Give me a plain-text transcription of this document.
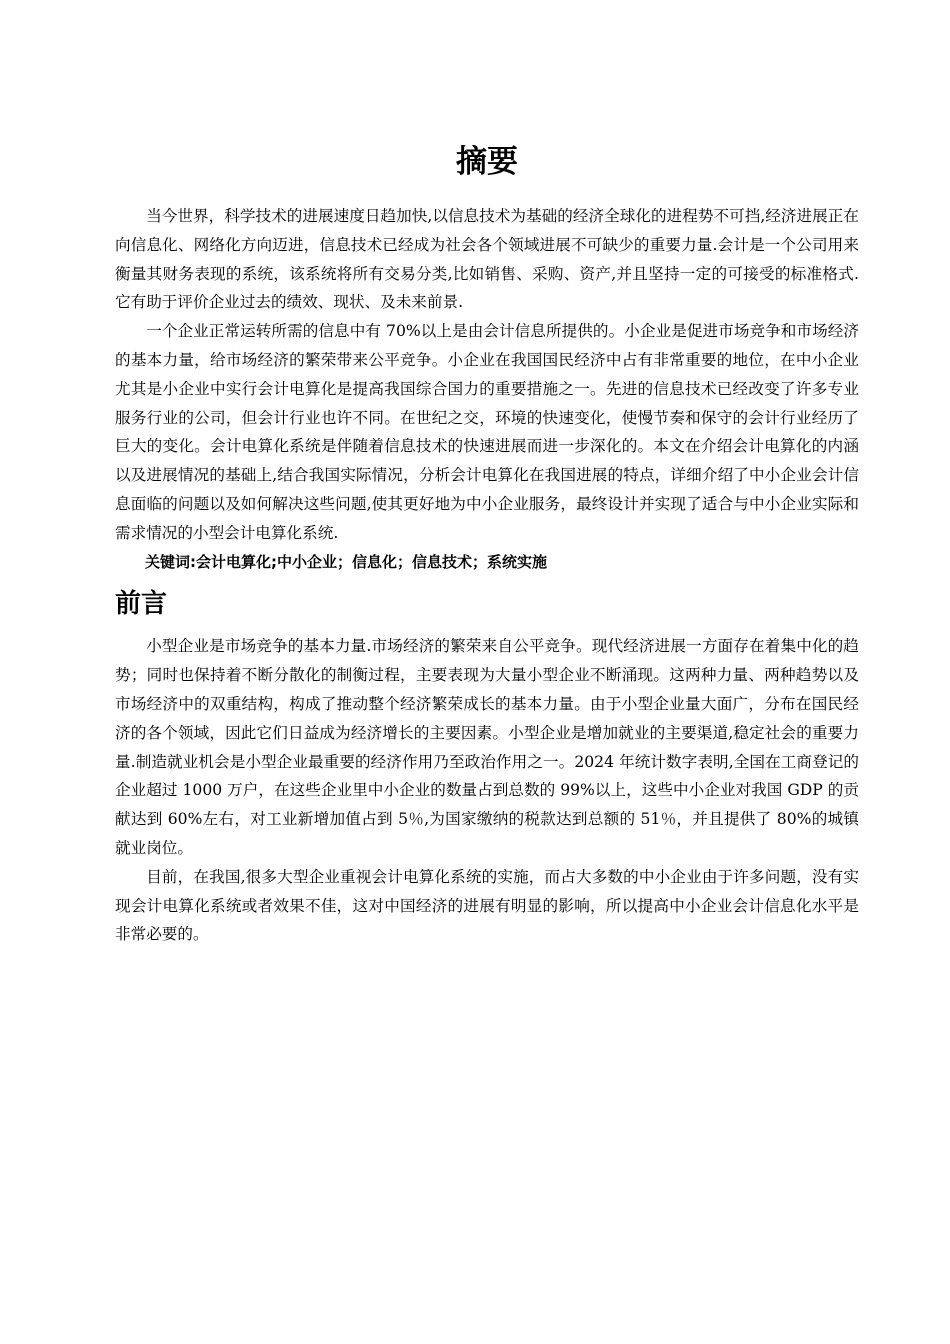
摘要

当今世界，科学技术的进展速度日趋加快,以信息技术为基础的经济全球化的进程势不可挡,经济进展正在向信息化、网络化方向迈进，信息技术已经成为社会各个领域进展不可缺少的重要力量.会计是一个公司用来衡量其财务表现的系统，该系统将所有交易分类,比如销售、采购、资产,并且坚持一定的可接受的标准格式.它有助于评价企业过去的绩效、现状、及未来前景.

一个企业正常运转所需的信息中有 70%以上是由会计信息所提供的。小企业是促进市场竞争和市场经济的基本力量，给市场经济的繁荣带来公平竞争。小企业在我国国民经济中占有非常重要的地位，在中小企业尤其是小企业中实行会计电算化是提高我国综合国力的重要措施之一。先进的信息技术已经改变了许多专业服务行业的公司，但会计行业也许不同。在世纪之交，环境的快速变化，使慢节奏和保守的会计行业经历了巨大的变化。会计电算化系统是伴随着信息技术的快速进展而进一步深化的。本文在介绍会计电算化的内涵以及进展情况的基础上,结合我国实际情况，分析会计电算化在我国进展的特点，详细介绍了中小企业会计信息面临的问题以及如何解决这些问题,使其更好地为中小企业服务，最终设计并实现了适合与中小企业实际和需求情况的小型会计电算化系统.

关键词:会计电算化;中小企业；信息化；信息技术；系统实施

前言

小型企业是市场竞争的基本力量.市场经济的繁荣来自公平竞争。现代经济进展一方面存在着集中化的趋势；同时也保持着不断分散化的制衡过程，主要表现为大量小型企业不断涌现。这两种力量、两种趋势以及市场经济中的双重结构，构成了推动整个经济繁荣成长的基本力量。由于小型企业量大面广，分布在国民经济的各个领域，因此它们日益成为经济增长的主要因素。小型企业是增加就业的主要渠道,稳定社会的重要力量.制造就业机会是小型企业最重要的经济作用乃至政治作用之一。2024 年统计数字表明,全国在工商登记的企业超过 1000 万户，在这些企业里中小企业的数量占到总数的 99%以上，这些中小企业对我国 GDP 的贡献达到 60%左右，对工业新增加值占到 5％,为国家缴纳的税款达到总额的 51％，并且提供了 80%的城镇就业岗位。

目前，在我国,很多大型企业重视会计电算化系统的实施，而占大多数的中小企业由于许多问题，没有实现会计电算化系统或者效果不佳，这对中国经济的进展有明显的影响，所以提高中小企业会计信息化水平是非常必要的。
